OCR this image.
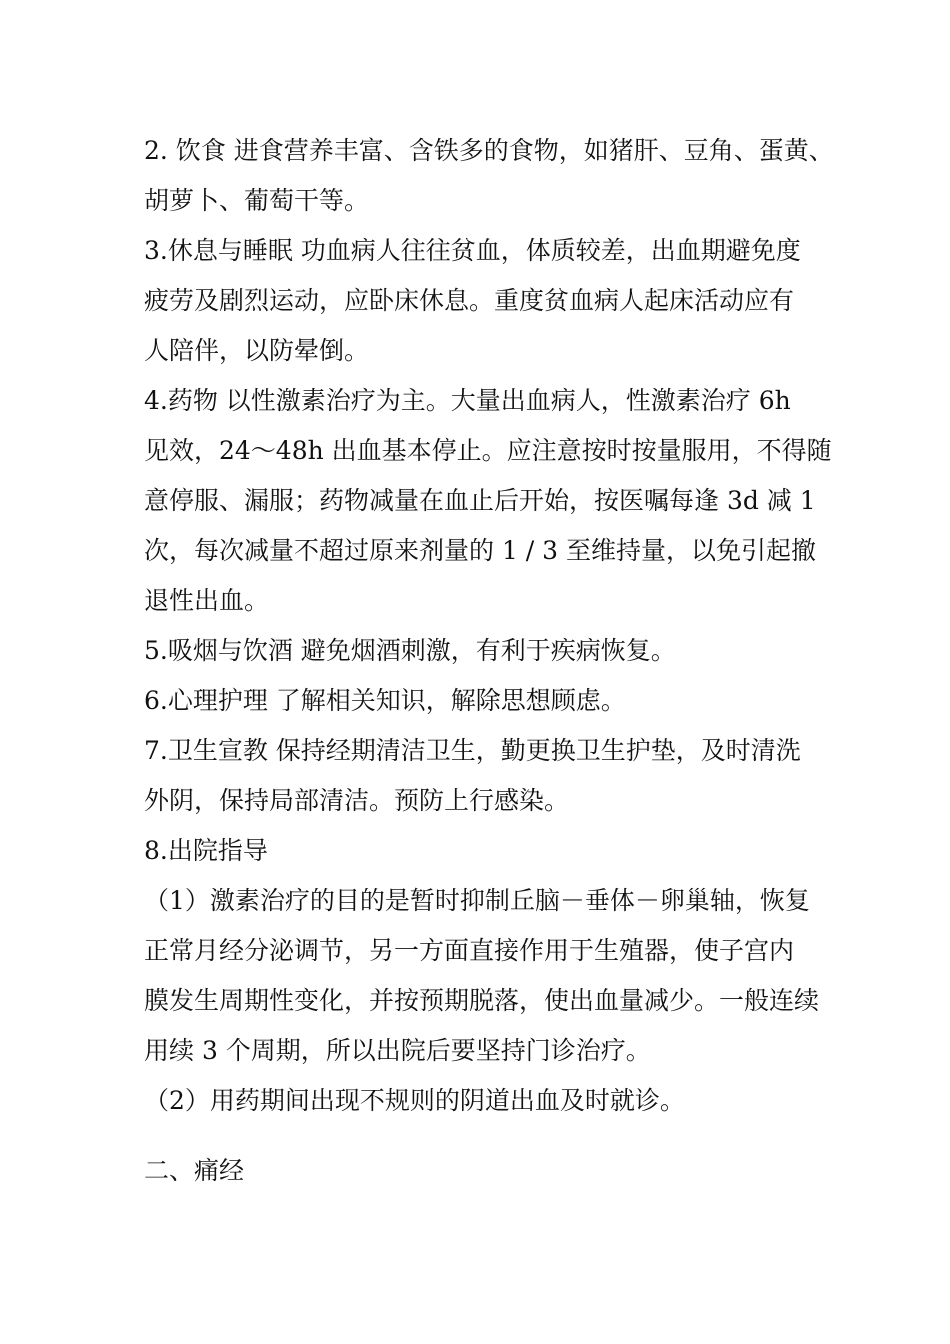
2. 饮食 进食营养丰富、含铁多的食物，如猪肝、豆角、蛋黄、
胡萝卜、葡萄干等。
3.休息与睡眠 功血病人往往贫血，体质较差，出血期避免度
疲劳及剧烈运动，应卧床休息。重度贫血病人起床活动应有
人陪伴，以防晕倒。
4.药物 以性激素治疗为主。大量出血病人，性激素治疗 6h
见效，24～48h 出血基本停止。应注意按时按量服用，不得随
意停服、漏服；药物减量在血止后开始，按医嘱每逢 3d 减 1
次，每次减量不超过原来剂量的 1 / 3 至维持量，以免引起撤
退性出血。
5.吸烟与饮酒 避免烟酒刺激，有利于疾病恢复。
6.心理护理 了解相关知识，解除思想顾虑。
7.卫生宣教 保持经期清洁卫生，勤更换卫生护垫，及时清洗
外阴，保持局部清洁。预防上行感染。
8.出院指导
（1）激素治疗的目的是暂时抑制丘脑－垂体－卵巢轴，恢复
正常月经分泌调节，另一方面直接作用于生殖器，使子宫内
膜发生周期性变化，并按预期脱落，使出血量减少。一般连续
用续 3 个周期，所以出院后要坚持门诊治疗。
（2）用药期间出现不规则的阴道出血及时就诊。
二、痛经
